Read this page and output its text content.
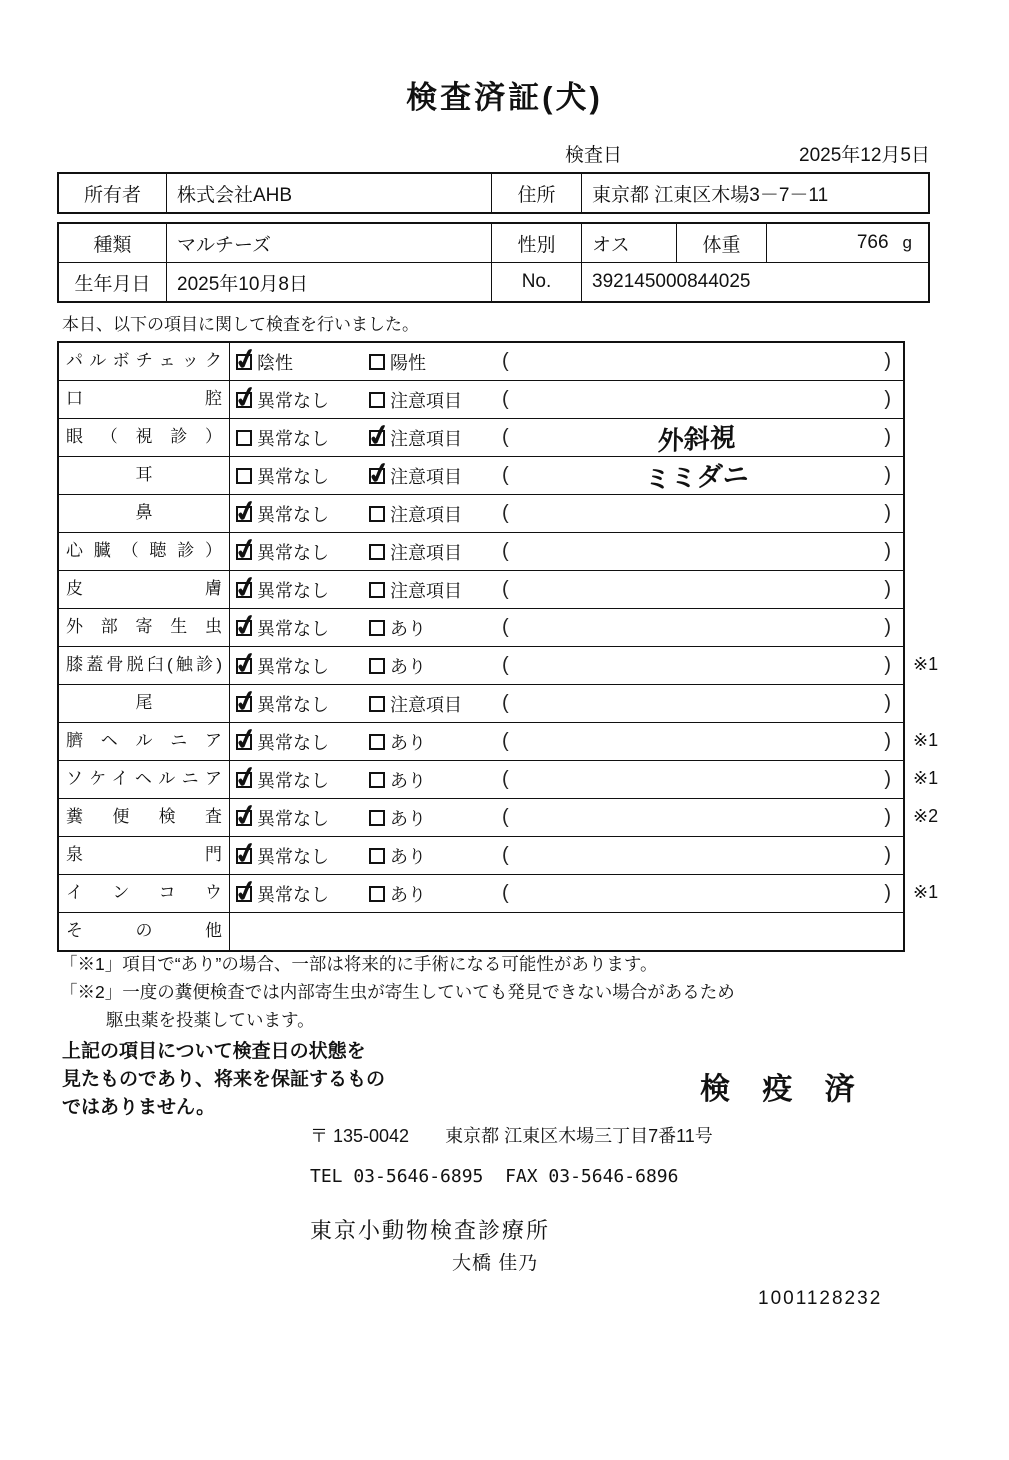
検査済証(犬)
検査日	2025年12月5日
所有者	株式会社AHB	住所	東京都 江東区木場3－7－11
種類	マルチーズ	性別	オス	体重	766 g
生年月日	2025年10月8日	No.	392145000844025

本日、以下の項目に関して検査を行いました。

パルボチェック ✓	陰性	陽性	(	)
口腔 ✓	異常なし	注意項目 (	)
眼（視診）	異常なし ✓	注意項目 (	外斜視	)
耳	異常なし ✓	注意項目 (	ミミダニ	)
鼻 ✓	異常なし	注意項目 (	)
心臓（聴診） ✓	異常なし	注意項目 (	)
皮膚 ✓	異常なし	注意項目 (	)
外部寄生虫 ✓	異常なし	あり	(	)
膝蓋骨脱臼(触診) ✓	異常なし	あり	(	) ※1
尾 ✓	異常なし	注意項目 (	)
臍ヘルニア ✓	異常なし	あり	(	) ※1
ソケイヘルニア ✓	異常なし	あり	(	) ※1
糞便検査 ✓	異常なし	あり	(	) ※2
泉門 ✓	異常なし	あり	(	)
インコウ ✓	異常なし	あり	(	) ※1
その他
「※1」項目で“あり”の場合、一部は将来的に手術になる可能性があります。
「※2」一度の糞便検査では内部寄生虫が寄生していても発見できない場合があるため
駆虫薬を投薬しています。
上記の項目について検査日の状態を
見たものであり、将来を保証するもの
ではありません。
検 疫 済
〒 135-0042　　東京都 江東区木場三丁目7番11号
TEL 03-5646-6895  FAX 03-5646-6896
東京小動物検査診療所
大橋 佳乃
1001128232
